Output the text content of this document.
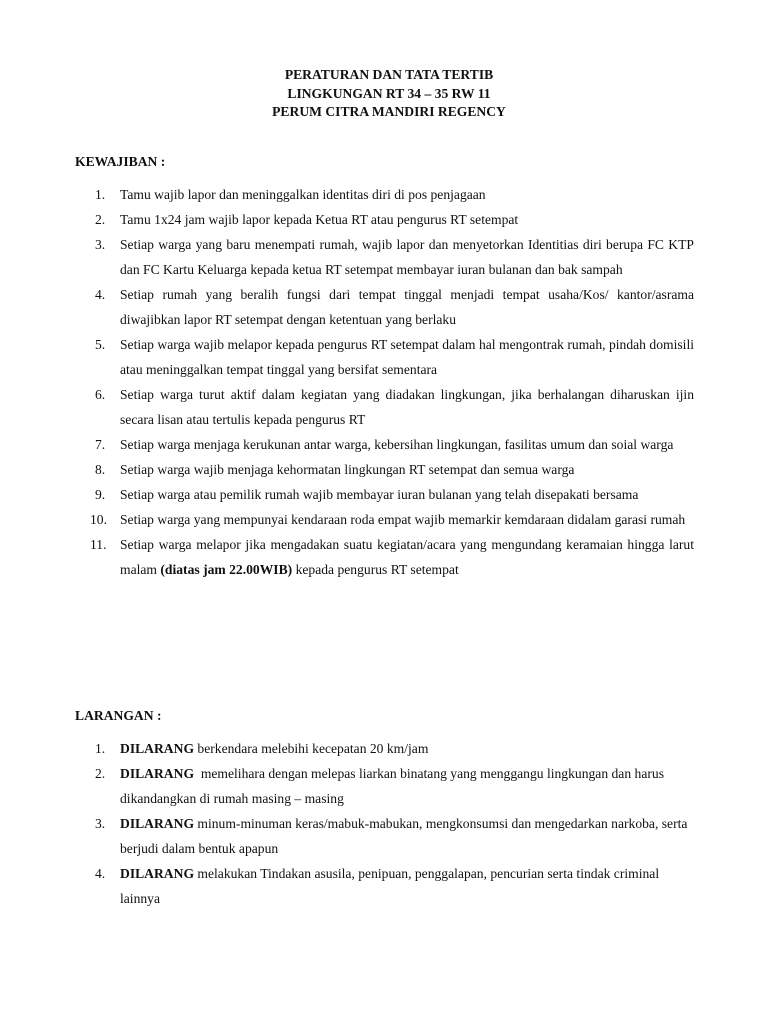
PERATURAN DAN TATA TERTIB
LINGKUNGAN RT 34 – 35 RW 11
PERUM CITRA MANDIRI REGENCY
KEWAJIBAN :
1. Tamu wajib lapor dan meninggalkan identitas diri di pos penjagaan
2. Tamu 1x24 jam wajib lapor kepada Ketua RT atau pengurus RT setempat
3. Setiap warga yang baru menempati rumah, wajib lapor dan menyetorkan Identitias diri berupa FC KTP dan FC Kartu Keluarga kepada ketua RT setempat membayar iuran bulanan dan bak sampah
4. Setiap rumah yang beralih fungsi dari tempat tinggal menjadi tempat usaha/Kos/ kantor/asrama diwajibkan lapor RT setempat dengan ketentuan yang berlaku
5. Setiap warga wajib melapor kepada pengurus RT setempat dalam hal mengontrak rumah, pindah domisili atau meninggalkan tempat tinggal yang bersifat sementara
6. Setiap warga turut aktif dalam kegiatan yang diadakan lingkungan, jika berhalangan diharuskan ijin secara lisan atau tertulis kepada pengurus RT
7. Setiap warga menjaga kerukunan antar warga, kebersihan lingkungan, fasilitas umum dan soial warga
8. Setiap warga wajib menjaga kehormatan lingkungan RT setempat dan semua warga
9. Setiap warga atau pemilik rumah wajib membayar iuran bulanan yang telah disepakati bersama
10. Setiap warga yang mempunyai kendaraan roda empat wajib memarkir kemdaraan didalam garasi rumah
11. Setiap warga melapor jika mengadakan suatu kegiatan/acara yang mengundang keramaian hingga larut malam (diatas jam 22.00WIB) kepada pengurus RT setempat
LARANGAN :
1. DILARANG berkendara melebihi kecepatan 20 km/jam
2. DILARANG  memelihara dengan melepas liarkan binatang yang menggangu lingkungan dan harus dikandangkan di rumah masing – masing
3. DILARANG minum-minuman keras/mabuk-mabukan, mengkonsumsi dan mengedarkan narkoba, serta berjudi dalam bentuk apapun
4. DILARANG melakukan Tindakan asusila, penipuan, penggalapan, pencurian serta tindak criminal lainnya
